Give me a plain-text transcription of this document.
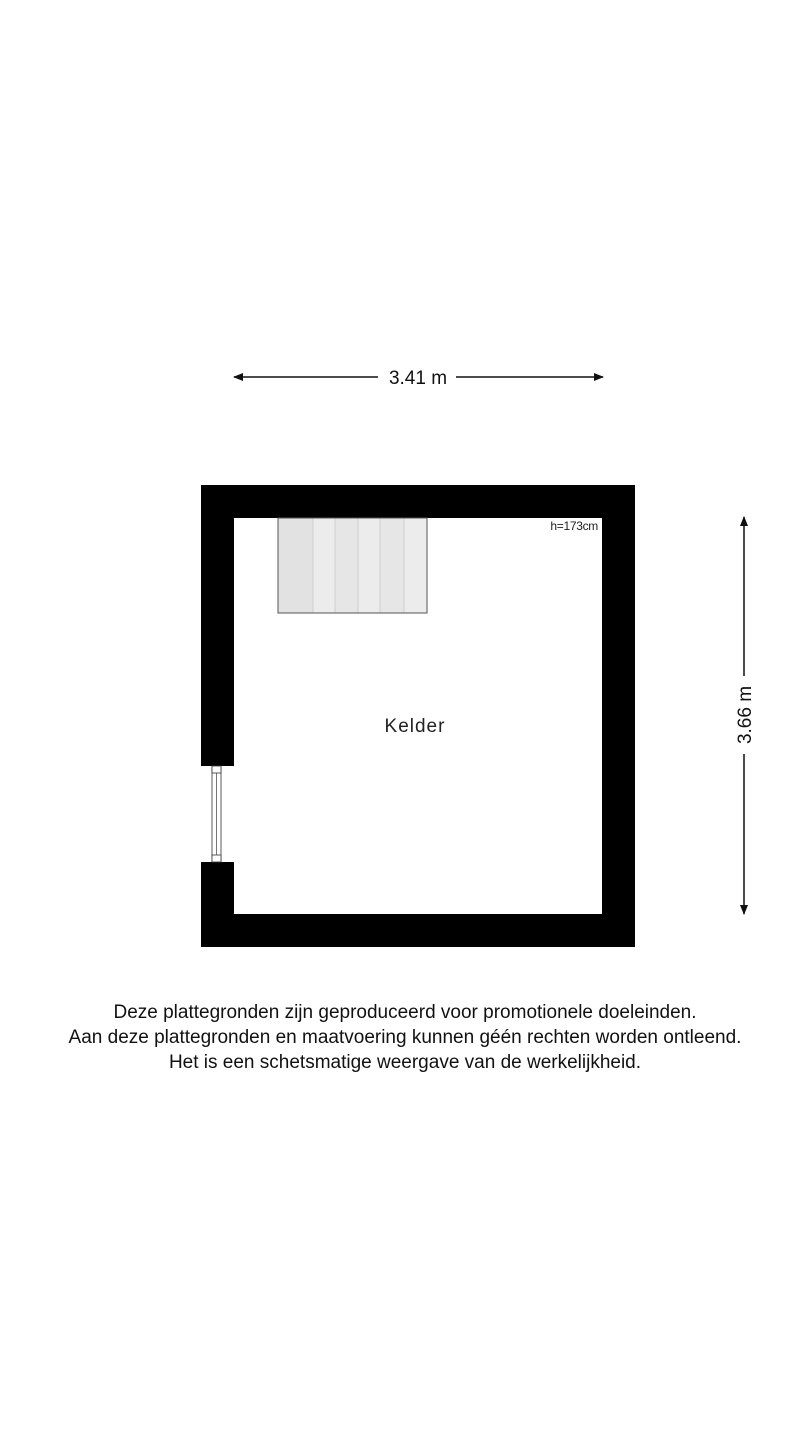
3.41 m
3.66 m
h=173cm
Kelder
Deze plattegronden zijn geproduceerd voor promotionele doeleinden.
Aan deze plattegronden en maatvoering kunnen géén rechten worden ontleend.
Het is een schetsmatige weergave van de werkelijkheid.
